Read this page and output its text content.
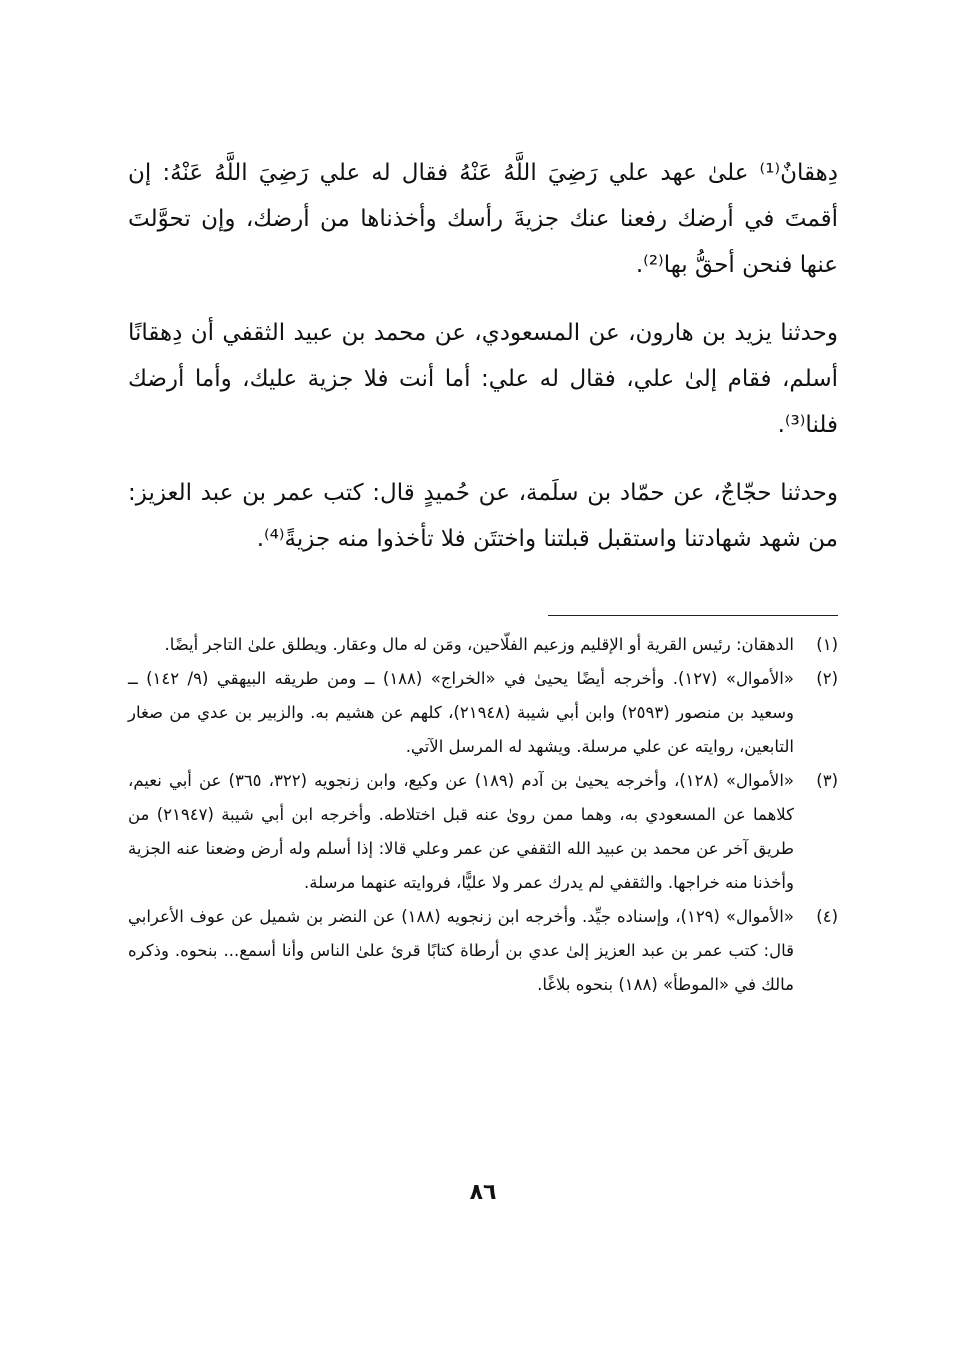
دِهقانٌ⁽¹⁾ علىٰ عهد علي رَضِيَ اللَّهُ عَنْهُ فقال له علي رَضِيَ اللَّهُ عَنْهُ: إن أقمتَ في أرضك رفعنا عنك جزيةَ رأسك وأخذناها من أرضك، وإن تحوَّلتَ عنها فنحن أحقُّ بها⁽²⁾.

وحدثنا يزيد بن هارون، عن المسعودي، عن محمد بن عبيد الثقفي أن دِهقانًا أسلم، فقام إلىٰ علي، فقال له علي: أما أنت فلا جزية عليك، وأما أرضك فلنا⁽³⁾.

وحدثنا حجّاجٌ، عن حمّاد بن سلَمة، عن حُميدٍ قال: كتب عمر بن عبد العزيز: من شهد شهادتنا واستقبل قبلتنا واختتَن فلا تأخذوا منه جزيةً⁽⁴⁾.

(١)
الدهقان: رئيس القرية أو الإقليم وزعيم الفلّاحين، ومَن له مال وعقار. ويطلق علىٰ التاجر أيضًا.
(٢)
«الأموال» (١٢٧). وأخرجه أيضًا يحيىٰ في «الخراج» (١٨٨) ــ ومن طريقه البيهقي (٩/ ١٤٢) ــ وسعيد بن منصور (٢٥٩٣) وابن أبي شيبة (٢١٩٤٨)، كلهم عن هشيم به. والزبير بن عدي من صغار التابعين، روايته عن علي مرسلة. ويشهد له المرسل الآتي.
(٣)
«الأموال» (١٢٨)، وأخرجه يحيىٰ بن آدم (١٨٩) عن وكيع، وابن زنجويه (٣٢٢، ٣٦٥) عن أبي نعيم، كلاهما عن المسعودي به، وهما ممن روىٰ عنه قبل اختلاطه. وأخرجه ابن أبي شيبة (٢١٩٤٧) من طريق آخر عن محمد بن عبيد الله الثقفي عن عمر وعلي قالا: إذا أسلم وله أرض وضعنا عنه الجزية وأخذنا منه خراجها. والثقفي لم يدرك عمر ولا عليًّا، فروايته عنهما مرسلة.
(٤)
«الأموال» (١٢٩)، وإسناده جيِّد. وأخرجه ابن زنجويه (١٨٨) عن النضر بن شميل عن عوف الأعرابي قال: كتب عمر بن عبد العزيز إلىٰ عدي بن أرطاة كتابًا قرئ علىٰ الناس وأنا أسمع... بنحوه. وذكره مالك في «الموطأ» (١٨٨) بنحوه بلاغًا.
٨٦
